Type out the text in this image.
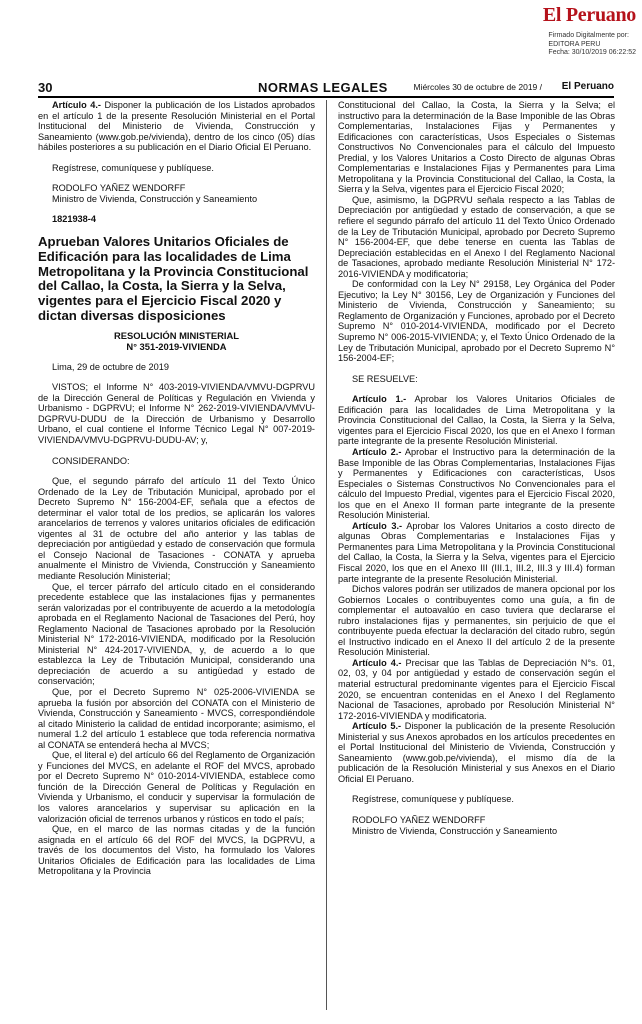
El Peruano
Firmado Digitalmente por:
EDITORA PERU
Fecha: 30/10/2019 06:22:52
30	NORMAS LEGALES	Miércoles 30 de octubre de 2019 / El Peruano

Artículo 4.- Disponer la publicación de los Listados aprobados en el artículo 1 de la presente Resolución Ministerial en el Portal Institucional del Ministerio de Vivienda, Construcción y Saneamiento (www.gob.pe/vivienda), dentro de los cinco (05) días hábiles posteriores a su publicación en el Diario Oficial El Peruano.

Regístrese, comuníquese y publíquese.

RODOLFO YAÑEZ WENDORFF

Ministro de Vivienda, Construcción y Saneamiento

1821938-4

Aprueban Valores Unitarios Oficiales de Edificación para las localidades de Lima Metropolitana y la Provincia Constitucional del Callao, la Costa, la Sierra y la Selva, vigentes para el Ejercicio Fiscal 2020 y dictan diversas disposiciones

RESOLUCIÓN MINISTERIAL
N° 351-2019-VIVIENDA

Lima, 29 de octubre de 2019

VISTOS; el Informe N° 403-2019-VIVIENDA/VMVU-DGPRVU de la Dirección General de Políticas y Regulación en Vivienda y Urbanismo - DGPRVU; el Informe N° 262-2019-VIVIENDA/VMVU-DGPRVU-DUDU de la Dirección de Urbanismo y Desarrollo Urbano, el cual contiene el Informe Técnico Legal N° 007-2019-VIVIENDA/VMVU-DGPRVU-DUDU-AV; y,

CONSIDERANDO:

Que, el segundo párrafo del artículo 11 del Texto Único Ordenado de la Ley de Tributación Municipal, aprobado por el Decreto Supremo N° 156-2004-EF, señala que a efectos de determinar el valor total de los predios, se aplicarán los valores arancelarios de terrenos y valores unitarios oficiales de edificación vigentes al 31 de octubre del año anterior y las tablas de depreciación por antigüedad y estado de conservación que formula el Consejo Nacional de Tasaciones - CONATA y aprueba anualmente el Ministro de Vivienda, Construcción y Saneamiento mediante Resolución Ministerial;

Que, el tercer párrafo del artículo citado en el considerando precedente establece que las instalaciones fijas y permanentes serán valorizadas por el contribuyente de acuerdo a la metodología aprobada en el Reglamento Nacional de Tasaciones del Perú, hoy Reglamento Nacional de Tasaciones aprobado por la Resolución Ministerial N° 172-2016-VIVIENDA, modificado por la Resolución Ministerial N° 424-2017-VIVIENDA, y, de acuerdo a lo que establezca la Ley de Tributación Municipal, considerando una depreciación de acuerdo a su antigüedad y estado de conservación;

Que, por el Decreto Supremo N° 025-2006-VIVIENDA se aprueba la fusión por absorción del CONATA con el Ministerio de Vivienda, Construcción y Saneamiento - MVCS, correspondiéndole al citado Ministerio la calidad de entidad incorporante; asimismo, el numeral 1.2 del artículo 1 establece que toda referencia normativa al CONATA se entenderá hecha al MVCS;

Que, el literal e) del artículo 66 del Reglamento de Organización y Funciones del MVCS, en adelante el ROF del MVCS, aprobado por el Decreto Supremo N° 010-2014-VIVIENDA, establece como función de la Dirección General de Políticas y Regulación en Vivienda y Urbanismo, el conducir y supervisar la formulación de los valores arancelarios y supervisar su aplicación en la valorización oficial de terrenos urbanos y rústicos en todo el país;

Que, en el marco de las normas citadas y de la función asignada en el artículo 66 del ROF del MVCS, la DGPRVU, a través de los documentos del Visto, ha formulado los Valores Unitarios Oficiales de Edificación para las localidades de Lima Metropolitana y la Provincia

Constitucional del Callao, la Costa, la Sierra y la Selva; el instructivo para la determinación de la Base Imponible de las Obras Complementarias, Instalaciones Fijas y Permanentes y Edificaciones con características, Usos Especiales o Sistemas Constructivos No Convencionales para el cálculo del Impuesto Predial, y los Valores Unitarios a Costo Directo de algunas Obras Complementarias e Instalaciones Fijas y Permanentes para Lima Metropolitana y la Provincia Constitucional del Callao, la Costa, la Sierra y la Selva, vigentes para el Ejercicio Fiscal 2020;

Que, asimismo, la DGPRVU señala respecto a las Tablas de Depreciación por antigüedad y estado de conservación, a que se refiere el segundo párrafo del artículo 11 del Texto Único Ordenado de la Ley de Tributación Municipal, aprobado por Decreto Supremo N° 156-2004-EF, que debe tenerse en cuenta las Tablas de Depreciación establecidas en el Anexo I del Reglamento Nacional de Tasaciones, aprobado mediante Resolución Ministerial N° 172-2016-VIVIENDA y modificatoria;

De conformidad con la Ley N° 29158, Ley Orgánica del Poder Ejecutivo; la Ley N° 30156, Ley de Organización y Funciones del Ministerio de Vivienda, Construcción y Saneamiento; su Reglamento de Organización y Funciones, aprobado por el Decreto Supremo N° 010-2014-VIVIENDA, modificado por el Decreto Supremo N° 006-2015-VIVIENDA; y, el Texto Único Ordenado de la Ley de Tributación Municipal, aprobado por el Decreto Supremo N° 156-2004-EF;

SE RESUELVE:

Artículo 1.- Aprobar los Valores Unitarios Oficiales de Edificación para las localidades de Lima Metropolitana y la Provincia Constitucional del Callao, la Costa, la Sierra y la Selva, vigentes para el Ejercicio Fiscal 2020, los que en el Anexo I forman parte integrante de la presente Resolución Ministerial.

Artículo 2.- Aprobar el Instructivo para la determinación de la Base Imponible de las Obras Complementarias, Instalaciones Fijas y Permanentes y Edificaciones con características, Usos Especiales o Sistemas Constructivos No Convencionales para el cálculo del Impuesto Predial, vigentes para el Ejercicio Fiscal 2020, los que en el Anexo II forman parte integrante de la presente Resolución Ministerial.

Artículo 3.- Aprobar los Valores Unitarios a costo directo de algunas Obras Complementarias e Instalaciones Fijas y Permanentes para Lima Metropolitana y la Provincia Constitucional del Callao, la Costa, la Sierra y la Selva, vigentes para el Ejercicio Fiscal 2020, los que en el Anexo III (III.1, III.2, III.3 y III.4) forman parte integrante de la presente Resolución Ministerial.

Dichos valores podrán ser utilizados de manera opcional por los Gobiernos Locales o contribuyentes como una guía, a fin de complementar el autoavalúo en caso tuviera que declararse el rubro instalaciones fijas y permanentes, sin perjuicio de que el contribuyente pueda efectuar la declaración del citado rubro, según el Instructivo indicado en el Anexo II del artículo 2 de la presente Resolución Ministerial.

Artículo 4.- Precisar que las Tablas de Depreciación N°s. 01, 02, 03, y 04 por antigüedad y estado de conservación según el material estructural predominante vigentes para el Ejercicio Fiscal 2020, se encuentran contenidas en el Anexo I del Reglamento Nacional de Tasaciones, aprobado por Resolución Ministerial N° 172-2016-VIVIENDA y modificatoria.

Artículo 5.- Disponer la publicación de la presente Resolución Ministerial y sus Anexos aprobados en los artículos precedentes en el Portal Institucional del Ministerio de Vivienda, Construcción y Saneamiento (www.gob.pe/vivienda), el mismo día de la publicación de la Resolución Ministerial y sus Anexos en el Diario Oficial El Peruano.

Regístrese, comuníquese y publíquese.

RODOLFO YAÑEZ WENDORFF

Ministro de Vivienda, Construcción y Saneamiento
